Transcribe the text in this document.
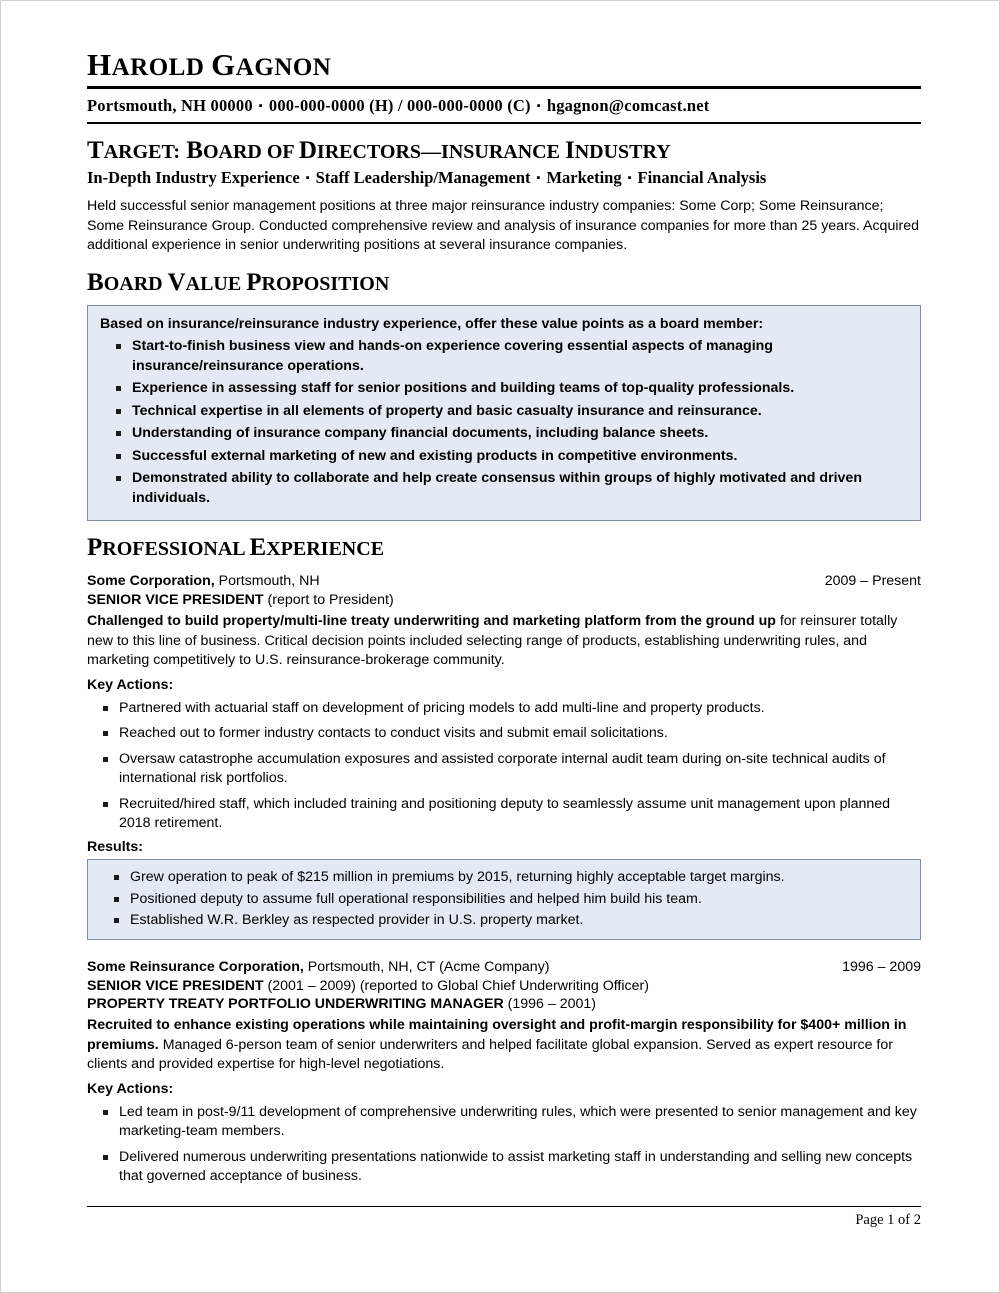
HAROLD GAGNON
Portsmouth, NH 00000 ▪ 000-000-0000 (H) / 000-000-0000 (C) ▪ hgagnon@comcast.net
TARGET: BOARD OF DIRECTORS—INSURANCE INDUSTRY
In-Depth Industry Experience ▪ Staff Leadership/Management ▪ Marketing ▪ Financial Analysis
Held successful senior management positions at three major reinsurance industry companies: Some Corp; Some Reinsurance; Some Reinsurance Group. Conducted comprehensive review and analysis of insurance companies for more than 25 years. Acquired additional experience in senior underwriting positions at several insurance companies.
BOARD VALUE PROPOSITION
Based on insurance/reinsurance industry experience, offer these value points as a board member:
Start-to-finish business view and hands-on experience covering essential aspects of managing insurance/reinsurance operations.
Experience in assessing staff for senior positions and building teams of top-quality professionals.
Technical expertise in all elements of property and basic casualty insurance and reinsurance.
Understanding of insurance company financial documents, including balance sheets.
Successful external marketing of new and existing products in competitive environments.
Demonstrated ability to collaborate and help create consensus within groups of highly motivated and driven individuals.
PROFESSIONAL EXPERIENCE
Some Corporation, Portsmouth, NH	2009 – Present
SENIOR VICE PRESIDENT (report to President)
Challenged to build property/multi-line treaty underwriting and marketing platform from the ground up for reinsurer totally new to this line of business. Critical decision points included selecting range of products, establishing underwriting rules, and marketing competitively to U.S. reinsurance-brokerage community.
Key Actions:
Partnered with actuarial staff on development of pricing models to add multi-line and property products.
Reached out to former industry contacts to conduct visits and submit email solicitations.
Oversaw catastrophe accumulation exposures and assisted corporate internal audit team during on-site technical audits of international risk portfolios.
Recruited/hired staff, which included training and positioning deputy to seamlessly assume unit management upon planned 2018 retirement.
Results:
Grew operation to peak of $215 million in premiums by 2015, returning highly acceptable target margins.
Positioned deputy to assume full operational responsibilities and helped him build his team.
Established W.R. Berkley as respected provider in U.S. property market.
Some Reinsurance Corporation, Portsmouth, NH, CT (Acme Company)	1996 – 2009
SENIOR VICE PRESIDENT (2001 – 2009) (reported to Global Chief Underwriting Officer)
PROPERTY TREATY PORTFOLIO UNDERWRITING MANAGER (1996 – 2001)
Recruited to enhance existing operations while maintaining oversight and profit-margin responsibility for $400+ million in premiums. Managed 6-person team of senior underwriters and helped facilitate global expansion. Served as expert resource for clients and provided expertise for high-level negotiations.
Key Actions:
Led team in post-9/11 development of comprehensive underwriting rules, which were presented to senior management and key marketing-team members.
Delivered numerous underwriting presentations nationwide to assist marketing staff in understanding and selling new concepts that governed acceptance of business.
Page 1 of 2
